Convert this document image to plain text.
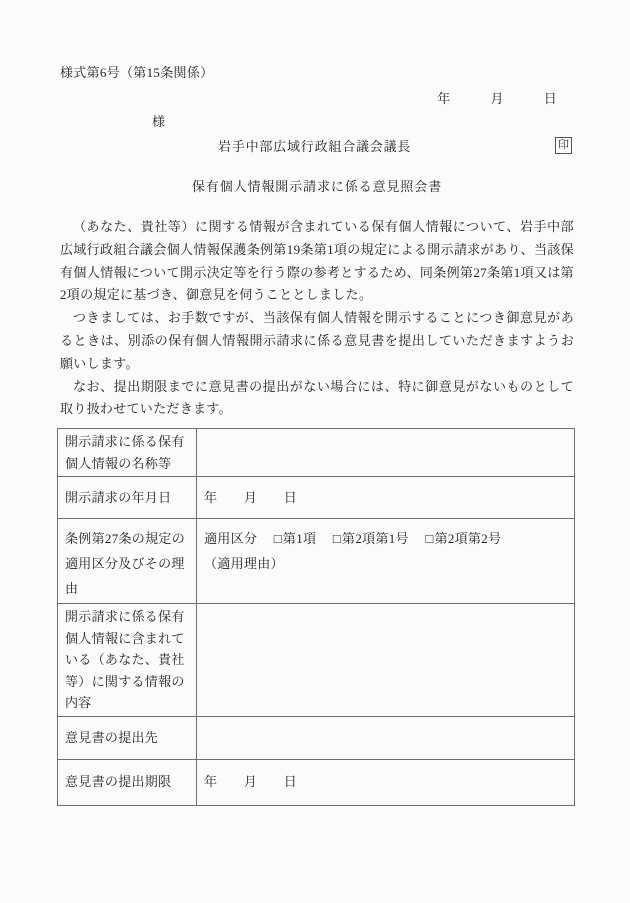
様式第6号（第15条関係）
年　　　月　　　日
様
岩手中部広域行政組合議会議長	印
保有個人情報開示請求に係る意見照会書

（あなた、貴社等）に関する情報が含まれている保有個人情報について、岩手中部広域行政組合議会個人情報保護条例第19条第1項の規定による開示請求があり、当該保有個人情報について開示決定等を行う際の参考とするため、同条例第27条第1項又は第2項の規定に基づき、御意見を伺うこととしました。

つきましては、お手数ですが、当該保有個人情報を開示することにつき御意見があるときは、別添の保有個人情報開示請求に係る意見書を提出していただきますようお願いします。

なお、提出期限までに意見書の提出がない場合には、特に御意見がないものとして取り扱わせていただきます。

開示請求に係る保有個人情報の名称等	
開示請求の年月日	年　　月　　日
条例第27条の規定の適用区分及びその理由	適用区分 □第1項 □第2項第1号 □第2項第2号
（適用理由）

開示請求に係る保有個人情報に含まれている（あなた、貴社等）に関する情報の内容	
意見書の提出先	
意見書の提出期限	年　　月　　日
